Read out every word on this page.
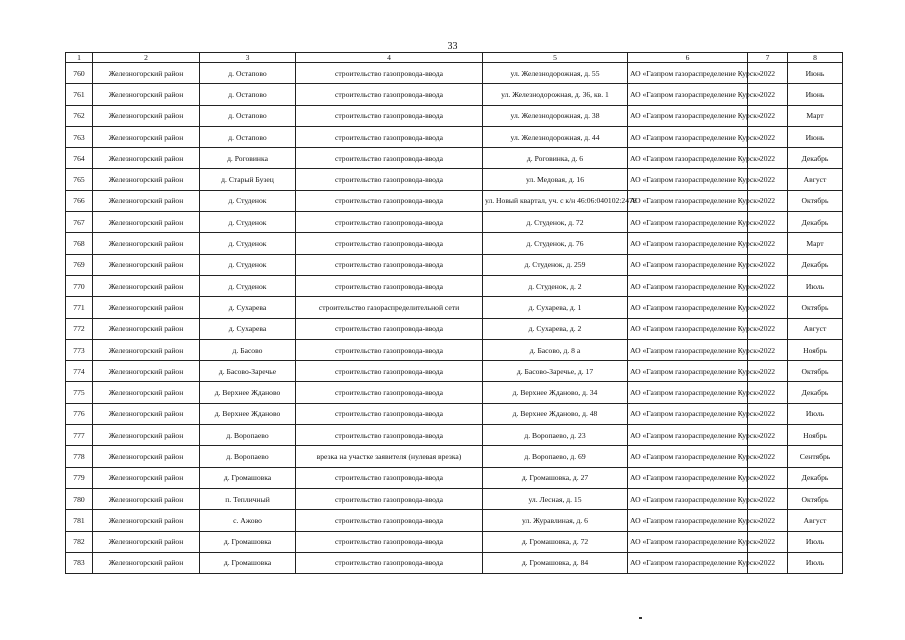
33
1	2	3	4	5	6	7	8
760	Железногорский район	д. Остапово	строительство газопровода-ввода	ул. Железнодорожная, д. 55	АО «Газпром газораспределение Курск»	2022	Июнь
761	Железногорский район	д. Остапово	строительство газопровода-ввода	ул. Железнодорожная, д. 36, кв. 1	АО «Газпром газораспределение Курск»	2022	Июнь
762	Железногорский район	д. Остапово	строительство газопровода-ввода	ул. Железнодорожная, д. 38	АО «Газпром газораспределение Курск»	2022	Март
763	Железногорский район	д. Остапово	строительство газопровода-ввода	ул. Железнодорожная, д. 44	АО «Газпром газораспределение Курск»	2022	Июнь
764	Железногорский район	д. Роговинка	строительство газопровода-ввода	д. Роговинка, д. 6	АО «Газпром газораспределение Курск»	2022	Декабрь
765	Железногорский район	д. Старый Бузец	строительство газопровода-ввода	ул. Медовая, д. 16	АО «Газпром газораспределение Курск»	2022	Август
766	Железногорский район	д. Студенок	строительство газопровода-ввода	ул. Новый квартал, уч. с к/н 46:06:040102:2478	АО «Газпром газораспределение Курск»	2022	Октябрь
767	Железногорский район	д. Студенок	строительство газопровода-ввода	д. Студенок, д. 72	АО «Газпром газораспределение Курск»	2022	Декабрь
768	Железногорский район	д. Студенок	строительство газопровода-ввода	д. Студенок, д. 76	АО «Газпром газораспределение Курск»	2022	Март
769	Железногорский район	д. Студенок	строительство газопровода-ввода	д. Студенок, д. 259	АО «Газпром газораспределение Курск»	2022	Декабрь
770	Железногорский район	д. Студенок	строительство газопровода-ввода	д. Студенок, д. 2	АО «Газпром газораспределение Курск»	2022	Июль
771	Железногорский район	д. Сухарева	строительство газораспределительной сети	д. Сухарева, д. 1	АО «Газпром газораспределение Курск»	2022	Октябрь
772	Железногорский район	д. Сухарева	строительство газопровода-ввода	д. Сухарева, д. 2	АО «Газпром газораспределение Курск»	2022	Август
773	Железногорский район	д. Басово	строительство газопровода-ввода	д. Басово, д. 8 а	АО «Газпром газораспределение Курск»	2022	Ноябрь
774	Железногорский район	д. Басово-Заречье	строительство газопровода-ввода	д. Басово-Заречье, д. 17	АО «Газпром газораспределение Курск»	2022	Октябрь
775	Железногорский район	д. Верхнее Жданово	строительство газопровода-ввода	д. Верхнее Жданово, д. 34	АО «Газпром газораспределение Курск»	2022	Декабрь
776	Железногорский район	д. Верхнее Жданово	строительство газопровода-ввода	д. Верхнее Жданово, д. 48	АО «Газпром газораспределение Курск»	2022	Июль
777	Железногорский район	д. Воропаево	строительство газопровода-ввода	д. Воропаево, д. 23	АО «Газпром газораспределение Курск»	2022	Ноябрь
778	Железногорский район	д. Воропаево	врезка на участке заявителя (нулевая врезка)	д. Воропаево, д. 69	АО «Газпром газораспределение Курск»	2022	Сентябрь
779	Железногорский район	д. Громашовка	строительство газопровода-ввода	д. Громашовка, д. 27	АО «Газпром газораспределение Курск»	2022	Декабрь
780	Железногорский район	п. Тепличный	строительство газопровода-ввода	ул. Лесная, д. 15	АО «Газпром газораспределение Курск»	2022	Октябрь
781	Железногорский район	с. Ажово	строительство газопровода-ввода	ул. Журавлиная, д. 6	АО «Газпром газораспределение Курск»	2022	Август
782	Железногорский район	д. Громашовка	строительство газопровода-ввода	д. Громашовка, д. 72	АО «Газпром газораспределение Курск»	2022	Июль
783	Железногорский район	д. Громашовка	строительство газопровода-ввода	д. Громашовка, д. 84	АО «Газпром газораспределение Курск»	2022	Июль
